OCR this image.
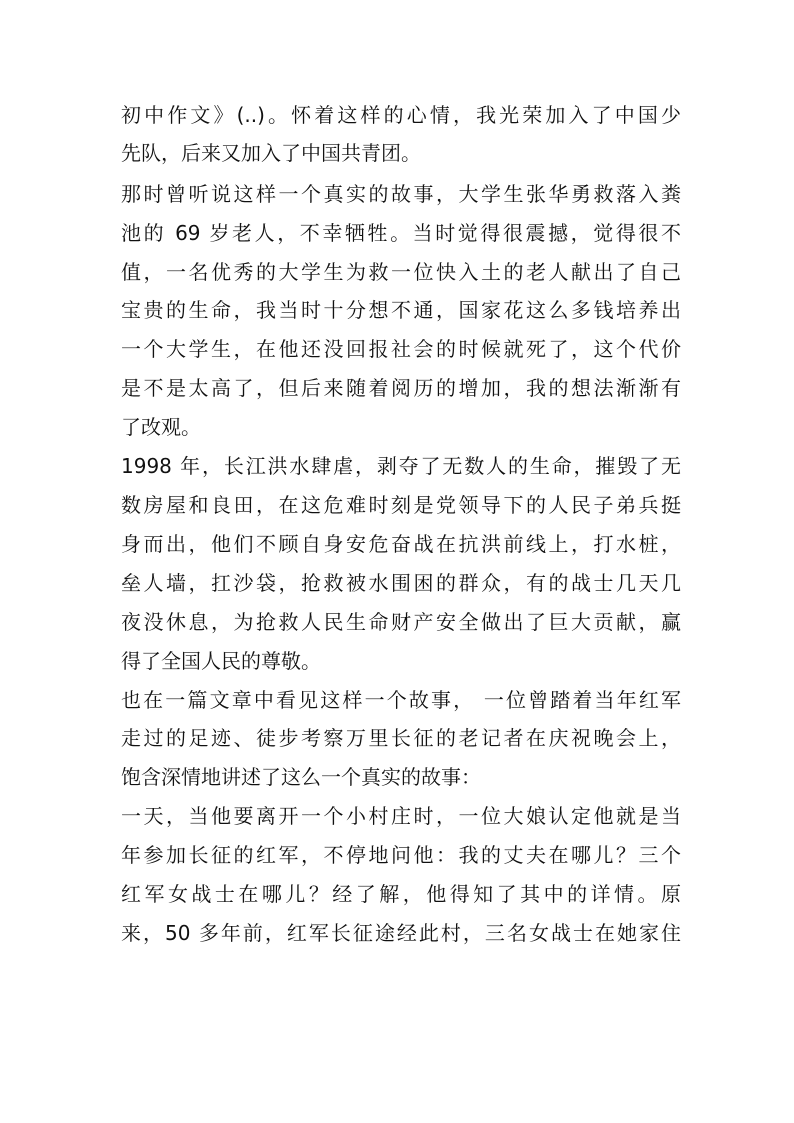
初中作文》(..)。怀着这样的心情，我光荣加入了中国少
先队，后来又加入了中国共青团。
那时曾听说这样一个真实的故事，大学生张华勇救落入粪
池的 69 岁老人，不幸牺牲。当时觉得很震撼，觉得很不
值，一名优秀的大学生为救一位快入土的老人献出了自己
宝贵的生命，我当时十分想不通，国家花这么多钱培养出
一个大学生，在他还没回报社会的时候就死了，这个代价
是不是太高了，但后来随着阅历的增加，我的想法渐渐有
了改观。
1998 年，长江洪水肆虐，剥夺了无数人的生命，摧毁了无
数房屋和良田，在这危难时刻是党领导下的人民子弟兵挺
身而出，他们不顾自身安危奋战在抗洪前线上，打水桩，
垒人墙，扛沙袋，抢救被水围困的群众，有的战士几天几
夜没休息，为抢救人民生命财产安全做出了巨大贡献，赢
得了全国人民的尊敬。
也在一篇文章中看见这样一个故事， 一位曾踏着当年红军
走过的足迹、徒步考察万里长征的老记者在庆祝晚会上，
饱含深情地讲述了这么一个真实的故事：
一天，当他要离开一个小村庄时，一位大娘认定他就是当
年参加长征的红军，不停地问他：我的丈夫在哪儿？三个
红军女战士在哪儿？经了解，他得知了其中的详情。原
来，50 多年前，红军长征途经此村，三名女战士在她家住
